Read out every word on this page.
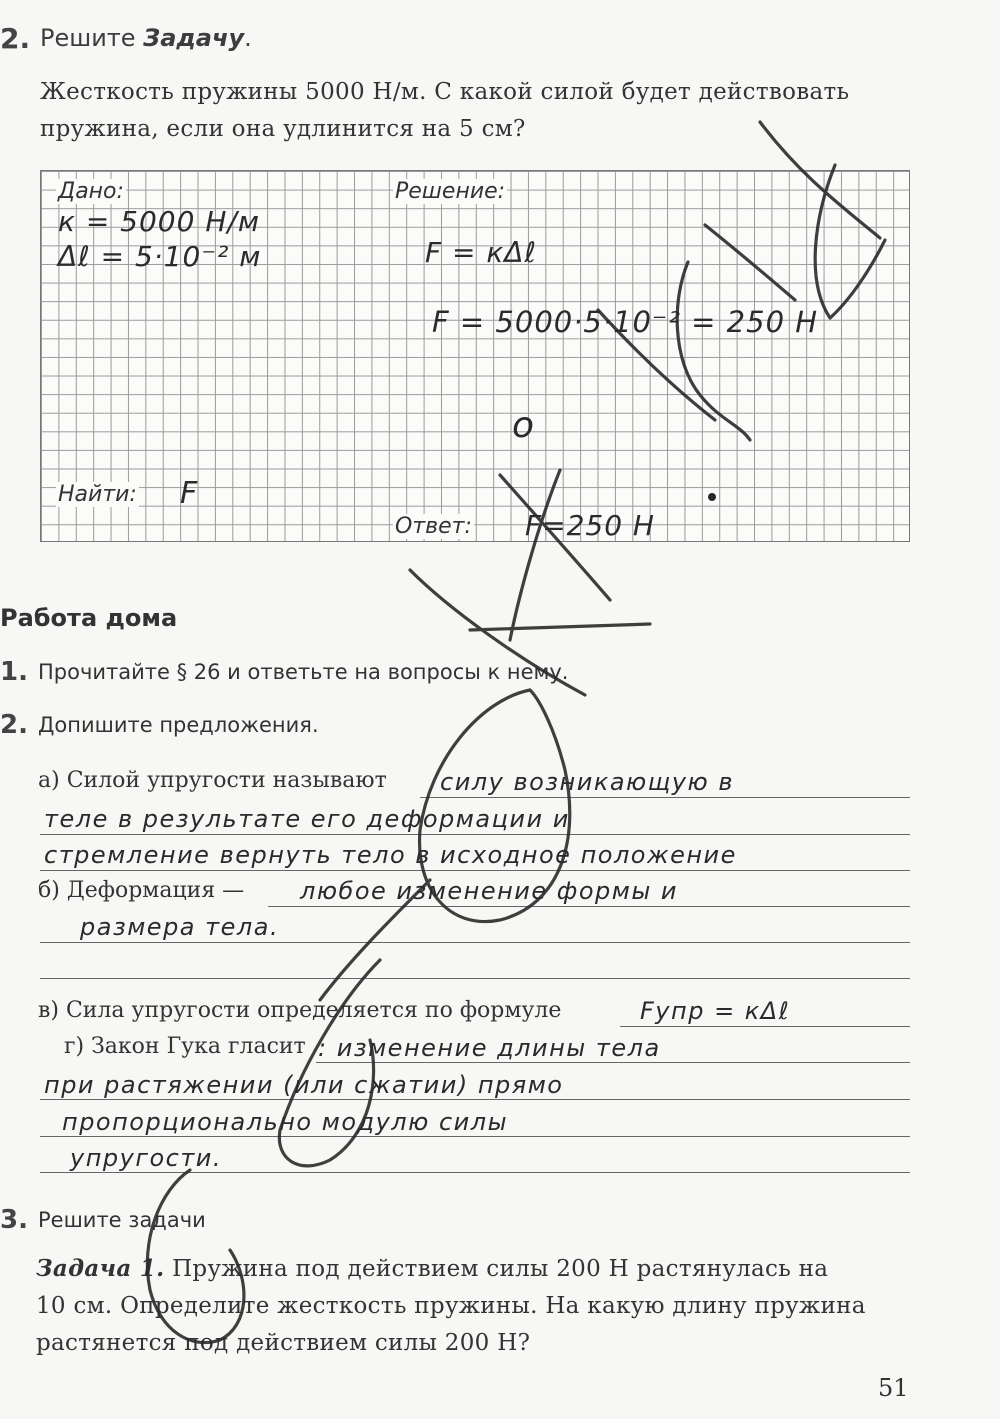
2. Решите Задачу.
Жесткость пружины 5000 Н/м. С какой силой будет действовать
пружина, если она удлинится на 5 см?
Дано:	Решение:
Найти:
Ответ:
к = 5000 Н/м
Δℓ = 5·10⁻² м	F = кΔℓ
F = 5000·5·10⁻² = 250 Н
F
F=250 Н
o
Работа дома
1. Прочитайте § 26 и ответьте на вопросы к нему.
2. Допишите предложения.
а) Силой упругости называют силу возникающую в
теле в результате его деформации и
стремление вернуть тело в исходное положение
б) Деформация — любое изменение формы и
размера тела.
в) Сила упругости определяется по формуле	Fупр = кΔℓ
г) Закон Гука гласит : изменение длины тела
при растяжении (или сжатии) прямо
пропорционально модулю силы
упругости.
3. Решите задачи
Задача 1. Пружина под действием силы 200 Н растянулась на
10 см. Определите жесткость пружины. На какую длину пружина
растянется под действием силы 200 Н?
51
